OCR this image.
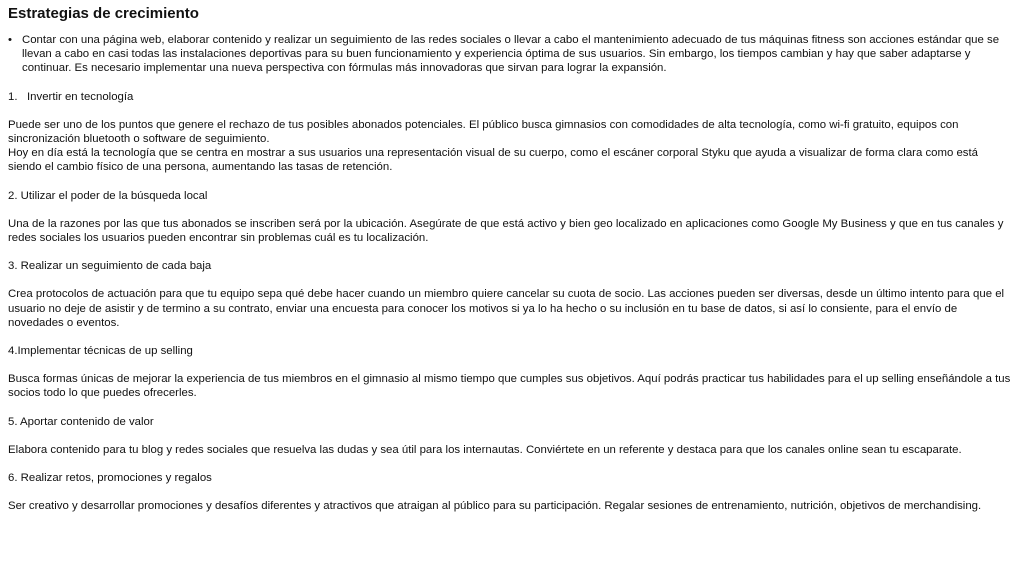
Estrategias de crecimiento
• Contar con una página web, elaborar contenido y realizar un seguimiento de las redes sociales o llevar a cabo el mantenimiento adecuado de tus máquinas fitness son acciones estándar que se llevan a cabo en casi todas las instalaciones deportivas para su buen funcionamiento y experiencia óptima de sus usuarios. Sin embargo, los tiempos cambian y hay que saber adaptarse y continuar. Es necesario implementar una nueva perspectiva con fórmulas más innovadoras que sirvan para lograr la expansión.
1.   Invertir en tecnología
Puede ser uno de los puntos que genere el rechazo de tus posibles abonados potenciales. El público busca gimnasios con comodidades de alta tecnología, como wi-fi gratuito, equipos con sincronización bluetooth o software de seguimiento.
Hoy en día está la tecnología que se centra en mostrar a sus usuarios una representación visual de su cuerpo, como el escáner corporal Styku que ayuda a visualizar de forma clara como está siendo el cambio físico de una persona, aumentando las tasas de retención.
2. Utilizar el poder de la búsqueda local
Una de la razones por las que tus abonados se inscriben será por la ubicación. Asegúrate de que está activo y bien geo localizado en aplicaciones como Google My Business y que en tus canales y redes sociales los usuarios pueden encontrar sin problemas cuál es tu localización.
3. Realizar un seguimiento de cada baja
Crea protocolos de actuación para que tu equipo sepa qué debe hacer cuando un miembro quiere cancelar su cuota de socio. Las acciones pueden ser diversas, desde un último intento para que el usuario no deje de asistir y de termino a su contrato, enviar una encuesta para conocer los motivos si ya lo ha hecho o su inclusión en tu base de datos, si así lo consiente, para el envío de novedades o eventos.
4.Implementar técnicas de up selling
Busca formas únicas de mejorar la experiencia de tus miembros en el gimnasio al mismo tiempo que cumples sus objetivos. Aquí podrás practicar tus habilidades para el up selling enseñándole a tus socios todo lo que puedes ofrecerles.
5. Aportar contenido de valor
Elabora contenido para tu blog y redes sociales que resuelva las dudas y sea útil para los internautas. Conviértete en un referente y destaca para que los canales online sean tu escaparate.
6. Realizar retos, promociones y regalos
Ser creativo y desarrollar promociones y desafíos diferentes y atractivos que atraigan al público para su participación. Regalar sesiones de entrenamiento, nutrición, objetivos de merchandising.
